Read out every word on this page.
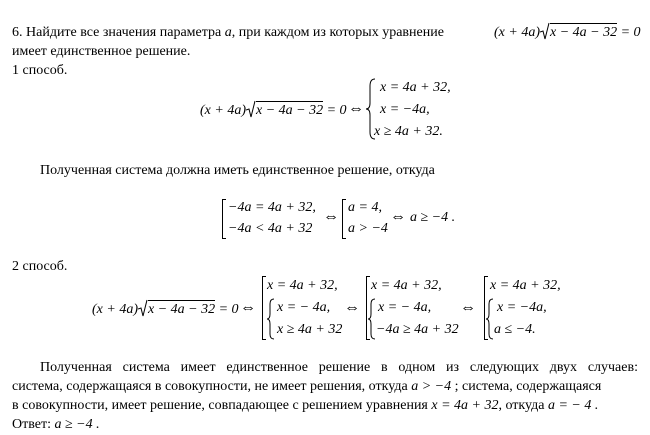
6. Найдите все значения параметра a, при каждом из которых уравнение	(x + 4a) x − 4a − 32 = 0
имеет единственное решение.
1 способ.
(x + 4a) x − 4a − 32 = 0 ⇔
x = 4a + 32,
x = −4a,
x ≥ 4a + 32.
Полученная система должна иметь единственное решение, откуда
−4a = 4a + 32,
−4a < 4a + 32
⇔
a = 4,
a > −4
⇔ a ≥ −4 .
2 способ.
(x + 4a) x − 4a − 32 = 0 ⇔
x = 4a + 32,
x = − 4a,
x ≥ 4a + 32
⇔
x = 4a + 32,
x = − 4a,
−4a ≥ 4a + 32
⇔
x = 4a + 32,
x = −4a,
a ≤ −4.
Полученная система имеет единственное решение в одном из следующих двух случаев:
система, содержащаяся в совокупности, не имеет решения, откуда a > −4 ; система, содержащаяся
в совокупности, имеет решение, совпадающее с решением уравнения x = 4a + 32, откуда a = − 4 .
Ответ: a ≥ −4 .
